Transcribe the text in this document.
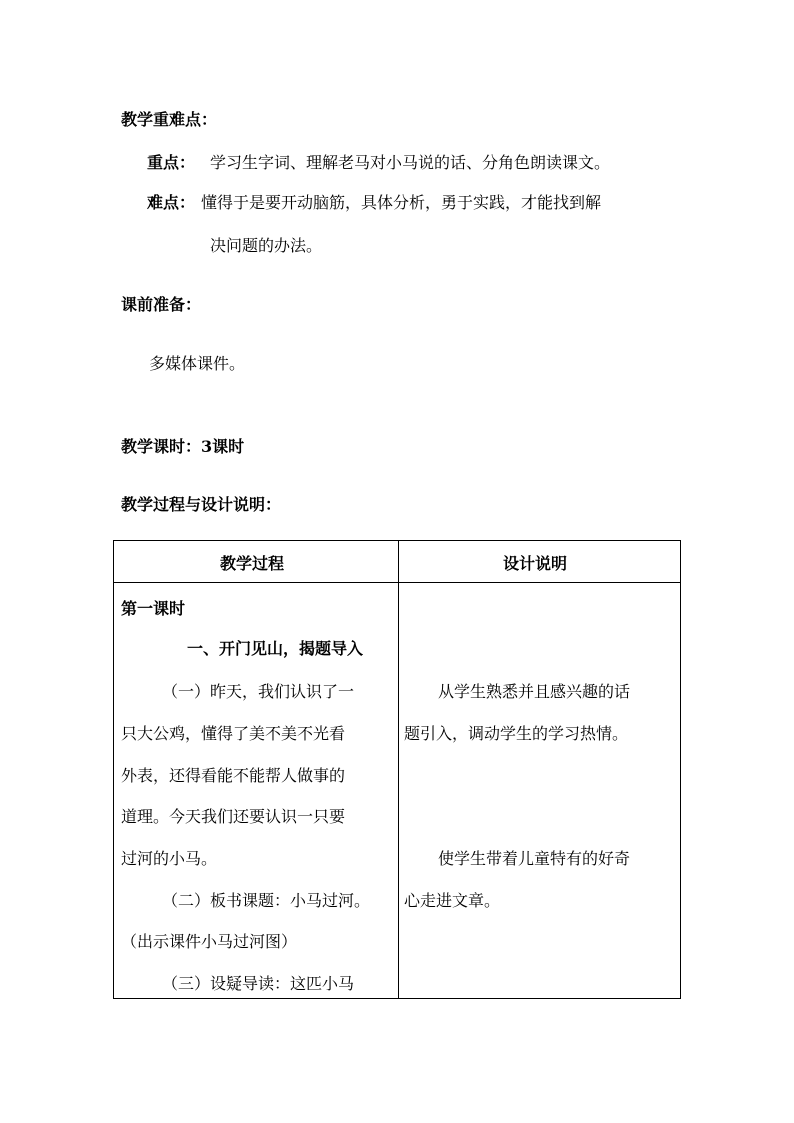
教学重难点：
重点： 学习生字词、理解老马对小马说的话、分角色朗读课文。
难点： 懂得于是要开动脑筋，具体分析，勇于实践，才能找到解
决问题的办法。
课前准备：
多媒体课件。
教学课时：3课时
教学过程与设计说明：
教学过程	设计说明
第一课时
一、开门见山，揭题导入
（一）昨天，我们认识了一
只大公鸡，懂得了美不美不光看
外表，还得看能不能帮人做事的
道理。今天我们还要认识一只要
过河的小马。
（二）板书课题：小马过河。
（出示课件小马过河图）
（三）设疑导读：这匹小马
从学生熟悉并且感兴趣的话
题引入，调动学生的学习热情。
使学生带着儿童特有的好奇
心走进文章。
